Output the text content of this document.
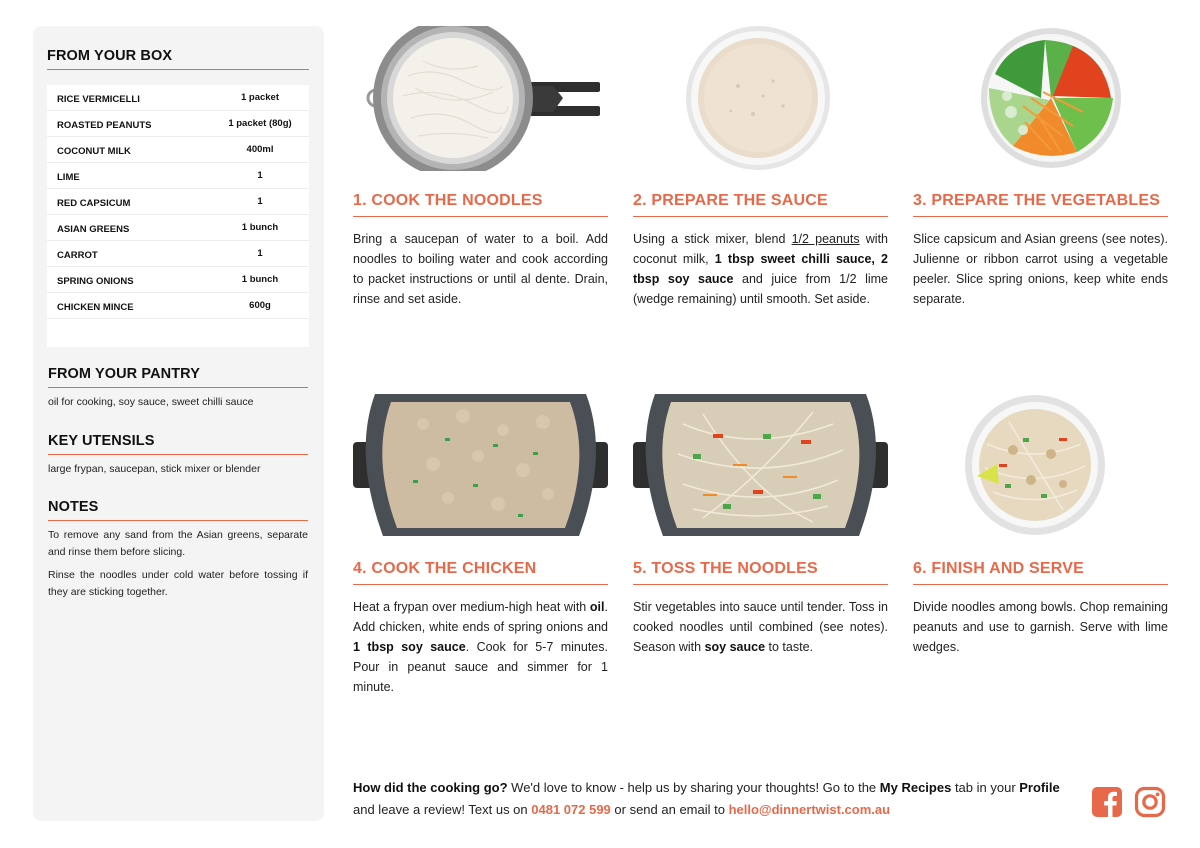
FROM YOUR BOX
RICE VERMICELLI	1 packet
ROASTED PEANUTS	1 packet (80g)
COCONUT MILK	400ml
LIME	1
RED CAPSICUM	1
ASIAN GREENS	1 bunch
CARROT	1
SPRING ONIONS	1 bunch
CHICKEN MINCE	600g
FROM YOUR PANTRY

oil for cooking, soy sauce, sweet chilli sauce

KEY UTENSILS

large frypan, saucepan, stick mixer or blender

NOTES

To remove any sand from the Asian greens, separate and rinse them before slicing.

Rinse the noodles under cold water before tossing if they are sticking together.

1. COOK THE NOODLES
Bring a saucepan of water to a boil. Add noodles to boiling water and cook according to packet instructions or until al dente. Drain, rinse and set aside.
2. PREPARE THE SAUCE
Using a stick mixer, blend 1/2 peanuts with coconut milk, 1 tbsp sweet chilli sauce, 2 tbsp soy sauce and juice from 1/2 lime (wedge remaining) until smooth. Set aside.
3. PREPARE THE VEGETABLES
Slice capsicum and Asian greens (see notes). Julienne or ribbon carrot using a vegetable peeler. Slice spring onions, keep white ends separate.
4. COOK THE CHICKEN
Heat a frypan over medium-high heat with oil. Add chicken, white ends of spring onions and 1 tbsp soy sauce. Cook for 5-7 minutes. Pour in peanut sauce and simmer for 1 minute.
5. TOSS THE NOODLES
Stir vegetables into sauce until tender. Toss in cooked noodles until combined (see notes). Season with soy sauce to taste.
6. FINISH AND SERVE
Divide noodles among bowls. Chop remaining peanuts and use to garnish. Serve with lime wedges.
How did the cooking go? We'd love to know - help us by sharing your thoughts! Go to the My Recipes tab in your Profile and leave a review! Text us on 0481 072 599 or send an email to hello@dinnertwist.com.au
